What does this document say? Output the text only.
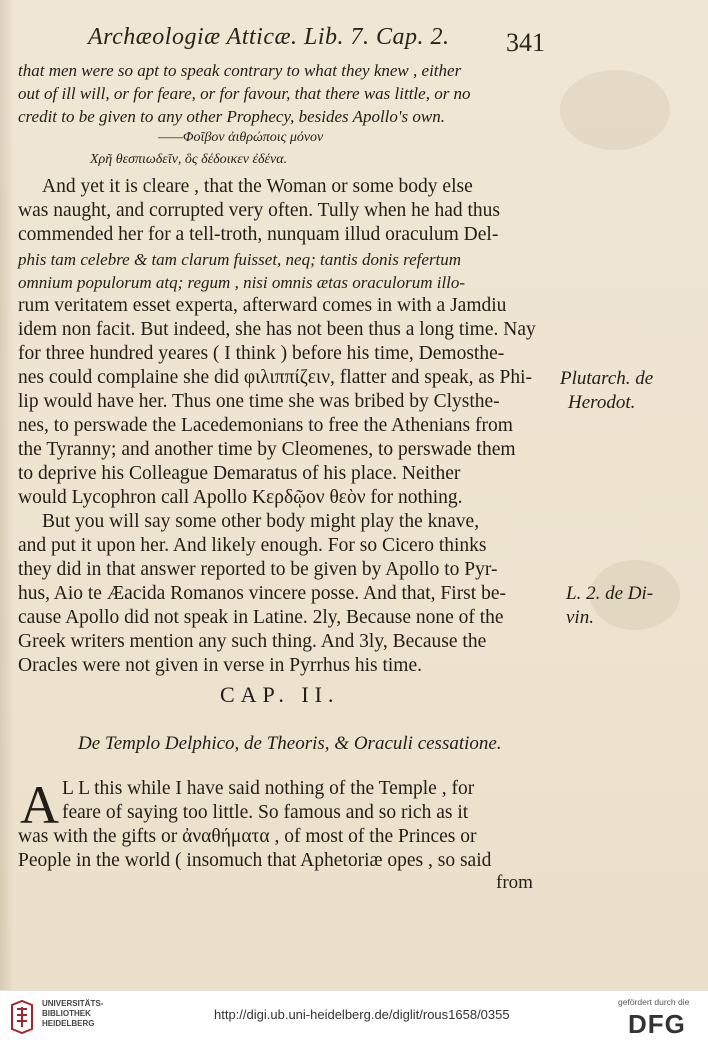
Archæologiæ Atticæ. Lib. 7. Cap. 2. 341
that men were so apt to speak contrary to what they knew , either
out of ill will, or for feare, or for favour, that there was little, or no
credit to be given to any other Prophecy, besides Apollo's own.
——Φοῖβον ἀιθρώποις μόνον
Χρῆ θεσπιωδεῖν, ὃς δέδοικεν ἐδένα.
And yet it is cleare , that the Woman or some body else
was naught, and corrupted very often. Tully when he had thus
commended her for a tell-troth, nunquam illud oraculum Del-
phis tam celebre & tam clarum fuisset, neq; tantis donis refertum
omnium populorum atq; regum , nisi omnis ætas oraculorum illo-
rum veritatem esset experta, afterward comes in with a Jamdiu
idem non facit. But indeed, she has not been thus a long time. Nay
for three hundred yeares ( I think ) before his time, Demosthe-
nes could complaine she did φιλιππίζειν, flatter and speak, as Phi-
lip would have her. Thus one time she was bribed by Clysthe-
nes, to perswade the Lacedemonians to free the Athenians from
the Tyranny; and another time by Cleomenes, to perswade them
to deprive his Colleague Demaratus of his place. Neither
would Lycophron call Apollo Κερδῷον θεὸν for nothing.
But you will say some other body might play the knave,
and put it upon her. And likely enough. For so Cicero thinks
they did in that answer reported to be given by Apollo to Pyr-
hus, Aio te Æacida Romanos vincere posse. And that, First be-
cause Apollo did not speak in Latine. 2ly, Because none of the
Greek writers mention any such thing. And 3ly, Because the
Oracles were not given in verse in Pyrrhus his time.
Plutarch. de
Herodot.
L. 2. de Di-
vin.
CAP. II.
De Templo Delphico, de Theoris, & Oraculi cessatione.
A L L this while I have said nothing of the Temple , for
feare of saying too little. So famous and so rich as it
was with the gifts or ἀναθήματα , of most of the Princes or
People in the world ( insomuch that Aphetoriæ opes , so said
from
UNIVERSITÄTS-
BIBLIOTHEK
HEIDELBERG
http://digi.ub.uni-heidelberg.de/diglit/rous1658/0355
gefördert durch die
DFG
